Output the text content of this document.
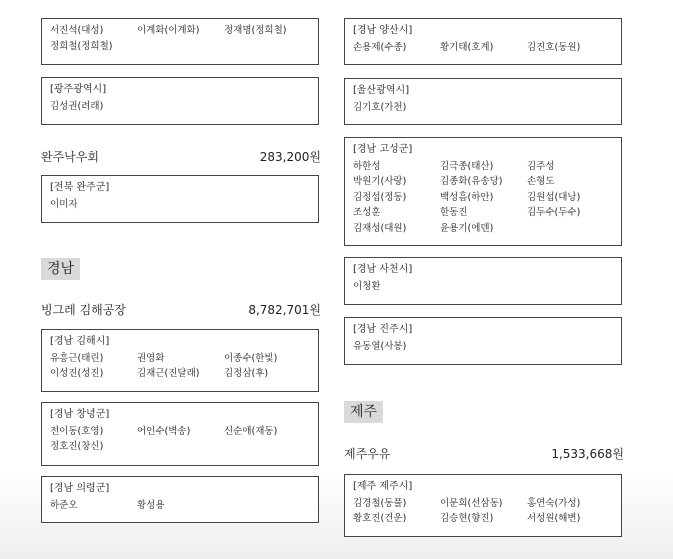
서진석(대성)	이계화(이계화)	정재명(정희철)
정희철(정희철)
[광주광역시]
김성권(려래)
완주낙우회	283,200원
[전북 완주군]
이미자
경남
빙그레 김해공장	8,782,701원
[경남 김해시]
유흥근(태린)	권영화	이종수(한빛)
이성진(성진)	김재근(진달래)	김정삼(후)
[경남 창녕군]
전이동(호영)	어인수(벽송)	신순애(재동)
정호진(창신)
[경남 의령군]
하준오	황성용
[경남 양산시]
손용제(수종)	황기태(호계)	김진호(동원)
[울산광역시]
김기호(가천)
[경남 고성군]
하한성	김극종(태산)	김주성
박원기(사랑)	김종화(유송당)	손형도
김정섭(정동)	백성흠(하안)	김원섭(대낭)
조성훈	한동진	김두수(두수)
김재성(대원)	윤용기(에덴)
[경남 사천시]
이청환
[경남 진주시]
유동열(사봉)
제주
제주우유	1,533,668원
[제주 제주시]
김경철(동풀)	이문희(선삼동)	홍연숙(가성)
황호진(건운)	김승현(향진)	서성원(해변)
